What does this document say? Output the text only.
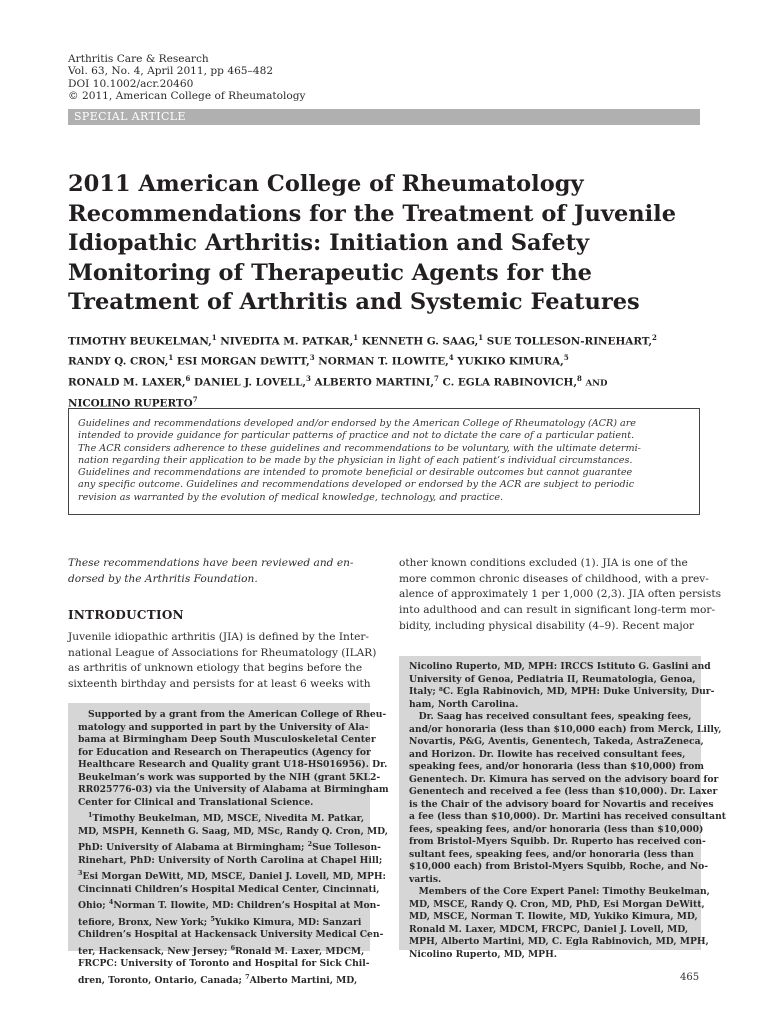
Arthritis Care & Research
Vol. 63, No. 4, April 2011, pp 465–482
DOI 10.1002/acr.20460
© 2011, American College of Rheumatology
SPECIAL ARTICLE
2011 American College of Rheumatology
Recommendations for the Treatment of Juvenile
Idiopathic Arthritis: Initiation and Safety
Monitoring of Therapeutic Agents for the
Treatment of Arthritis and Systemic Features
TIMOTHY BEUKELMAN,$^1$ NIVEDITA M. PATKAR,$^1$ KENNETH G. SAAG,$^1$ SUE TOLLESON-RINEHART,$^2$
RANDY Q. CRON,$^1$ ESI MORGAN DEWITT,$^3$ NORMAN T. ILOWITE,$^4$ YUKIKO KIMURA,$^5$
RONALD M. LAXER,$^6$ DANIEL J. LOVELL,$^3$ ALBERTO MARTINI,$^7$ C. EGLA RABINOVICH,$^8$ AND
NICOLINO RUPERTO$^7$
Guidelines and recommendations developed and/or endorsed by the American College of Rheumatology (ACR) are
intended to provide guidance for particular patterns of practice and not to dictate the care of a particular patient.
The ACR considers adherence to these guidelines and recommendations to be voluntary, with the ultimate determi-
nation regarding their application to be made by the physician in light of each patient’s individual circumstances.
Guidelines and recommendations are intended to promote beneficial or desirable outcomes but cannot guarantee
any specific outcome. Guidelines and recommendations developed or endorsed by the ACR are subject to periodic
revision as warranted by the evolution of medical knowledge, technology, and practice.
These recommendations have been reviewed and en-
dorsed by the Arthritis Foundation.
INTRODUCTION
Juvenile idiopathic arthritis (JIA) is defined by the Inter-
national League of Associations for Rheumatology (ILAR)
as arthritis of unknown etiology that begins before the
sixteenth birthday and persists for at least 6 weeks with
other known conditions excluded (1). JIA is one of the
more common chronic diseases of childhood, with a prev-
alence of approximately 1 per 1,000 (2,3). JIA often persists
into adulthood and can result in significant long-term mor-
bidity, including physical disability (4–9). Recent major
Supported by a grant from the American College of Rheu-
matology and supported in part by the University of Ala-
bama at Birmingham Deep South Musculoskeletal Center
for Education and Research on Therapeutics (Agency for
Healthcare Research and Quality grant U18-HS016956). Dr.
Beukelman’s work was supported by the NIH (grant 5KL2-
RR025776-03) via the University of Alabama at Birmingham
Center for Clinical and Translational Science.
$^1$Timothy Beukelman, MD, MSCE, Nivedita M. Patkar,
MD, MSPH, Kenneth G. Saag, MD, MSc, Randy Q. Cron, MD,
PhD: University of Alabama at Birmingham; $^2$Sue Tolleson-
Rinehart, PhD: University of North Carolina at Chapel Hill;
$^3$Esi Morgan DeWitt, MD, MSCE, Daniel J. Lovell, MD, MPH:
Cincinnati Children’s Hospital Medical Center, Cincinnati,
Ohio; $^4$Norman T. Ilowite, MD: Children’s Hospital at Mon-
tefiore, Bronx, New York; $^5$Yukiko Kimura, MD: Sanzari
Children’s Hospital at Hackensack University Medical Cen-
ter, Hackensack, New Jersey; $^6$Ronald M. Laxer, MDCM,
FRCPC: University of Toronto and Hospital for Sick Chil-
dren, Toronto, Ontario, Canada; $^7$Alberto Martini, MD,
Nicolino Ruperto, MD, MPH: IRCCS Istituto G. Gaslini and
University of Genoa, Pediatria II, Reumatologia, Genoa,
Italy; ⁸C. Egla Rabinovich, MD, MPH: Duke University, Dur-
ham, North Carolina.
Dr. Saag has received consultant fees, speaking fees,
and/or honoraria (less than $10,000 each) from Merck, Lilly,
Novartis, P&G, Aventis, Genentech, Takeda, AstraZeneca,
and Horizon. Dr. Ilowite has received consultant fees,
speaking fees, and/or honoraria (less than $10,000) from
Genentech. Dr. Kimura has served on the advisory board for
Genentech and received a fee (less than $10,000). Dr. Laxer
is the Chair of the advisory board for Novartis and receives
a fee (less than $10,000). Dr. Martini has received consultant
fees, speaking fees, and/or honoraria (less than $10,000)
from Bristol-Myers Squibb. Dr. Ruperto has received con-
sultant fees, speaking fees, and/or honoraria (less than
$10,000 each) from Bristol-Myers Squibb, Roche, and No-
vartis.
Members of the Core Expert Panel: Timothy Beukelman,
MD, MSCE, Randy Q. Cron, MD, PhD, Esi Morgan DeWitt,
MD, MSCE, Norman T. Ilowite, MD, Yukiko Kimura, MD,
Ronald M. Laxer, MDCM, FRCPC, Daniel J. Lovell, MD,
MPH, Alberto Martini, MD, C. Egla Rabinovich, MD, MPH,
Nicolino Ruperto, MD, MPH.
465
